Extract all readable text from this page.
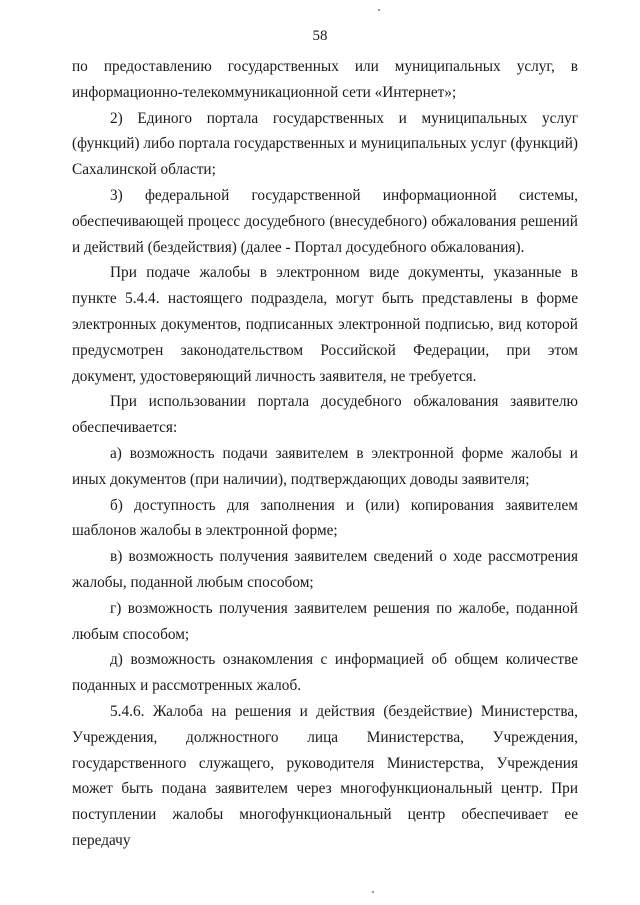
58

по предоставлению государственных или муниципальных услуг, в информационно-телекоммуникационной сети «Интернет»;

2) Единого портала государственных и муниципальных услуг (функций) либо портала государственных и муниципальных услуг (функций) Сахалинской области;

3) федеральной государственной информационной системы, обеспечивающей процесс досудебного (внесудебного) обжалования решений и действий (бездействия) (далее - Портал досудебного обжалования).

При подаче жалобы в электронном виде документы, указанные в пункте 5.4.4. настоящего подраздела, могут быть представлены в форме электронных документов, подписанных электронной подписью, вид которой предусмотрен законодательством Российской Федерации, при этом документ, удостоверяющий личность заявителя, не требуется.

При использовании портала досудебного обжалования заявителю обеспечивается:

а) возможность подачи заявителем в электронной форме жалобы и иных документов (при наличии), подтверждающих доводы заявителя;

б) доступность для заполнения и (или) копирования заявителем шаблонов жалобы в электронной форме;

в) возможность получения заявителем сведений о ходе рассмотрения жалобы, поданной любым способом;

г) возможность получения заявителем решения по жалобе, поданной любым способом;

д) возможность ознакомления с информацией об общем количестве поданных и рассмотренных жалоб.

5.4.6. Жалоба на решения и действия (бездействие) Министерства, Учреждения, должностного лица Министерства, Учреждения, государственного служащего, руководителя Министерства, Учреждения может быть подана заявителем через многофункциональный центр. При поступлении жалобы многофункциональный центр обеспечивает ее передачу
